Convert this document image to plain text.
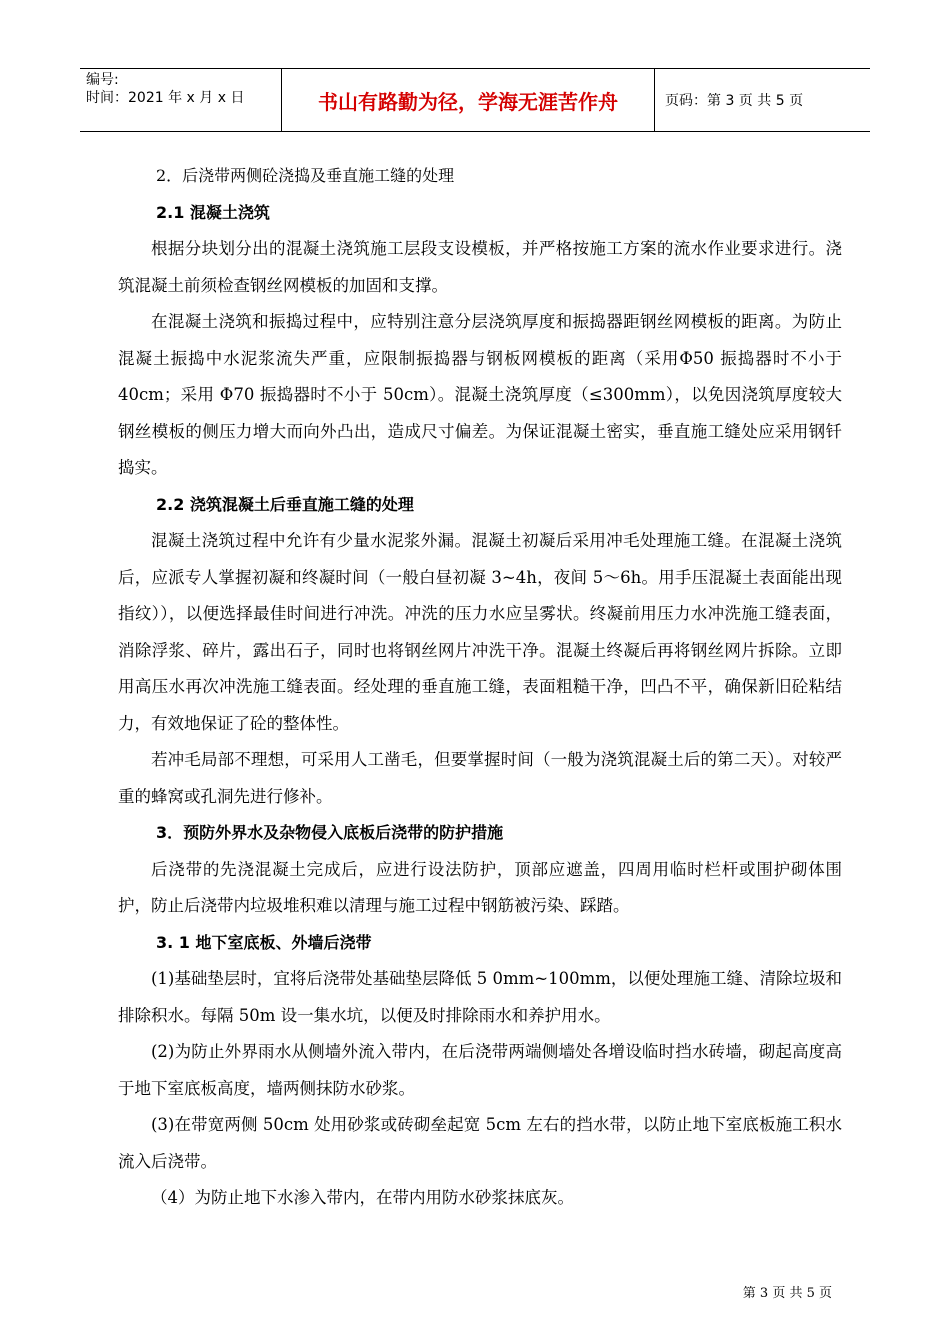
编号:
时间：2021 年 x 月 x 日	书山有路勤为径，学海无涯苦作舟	页码：第 3 页 共 5 页

2．后浇带两侧砼浇捣及垂直施工缝的处理

2.1 混凝土浇筑

根据分块划分出的混凝土浇筑施工层段支设模板，并严格按施工方案的流水作业要求进行。浇筑混凝土前须检查钢丝网模板的加固和支撑。

在混凝土浇筑和振捣过程中，应特别注意分层浇筑厚度和振捣器距钢丝网模板的距离。为防止混凝土振捣中水泥浆流失严重，应限制振捣器与钢板网模板的距离（采用Φ50 振捣器时不小于 40cm；采用 Φ70 振捣器时不小于 50cm）。混凝土浇筑厚度（≤300mm），以免因浇筑厚度较大钢丝模板的侧压力增大而向外凸出，造成尺寸偏差。为保证混凝土密实，垂直施工缝处应采用钢钎捣实。

2.2 浇筑混凝土后垂直施工缝的处理

混凝土浇筑过程中允许有少量水泥浆外漏。混凝土初凝后采用冲毛处理施工缝。在混凝土浇筑后，应派专人掌握初凝和终凝时间（一般白昼初凝 3~4h，夜间 5～6h。用手压混凝土表面能出现指纹）），以便选择最佳时间进行冲洗。冲洗的压力水应呈雾状。终凝前用压力水冲洗施工缝表面，消除浮浆、碎片，露出石子，同时也将钢丝网片冲洗干净。混凝土终凝后再将钢丝网片拆除。立即用高压水再次冲洗施工缝表面。经处理的垂直施工缝，表面粗糙干净，凹凸不平，确保新旧砼粘结力，有效地保证了砼的整体性。

若冲毛局部不理想，可采用人工凿毛，但要掌握时间（一般为浇筑混凝土后的第二天）。对较严重的蜂窝或孔洞先进行修补。

3．预防外界水及杂物侵入底板后浇带的防护措施

后浇带的先浇混凝土完成后，应进行设法防护，顶部应遮盖，四周用临时栏杆或围护砌体围护，防止后浇带内垃圾堆积难以清理与施工过程中钢筋被污染、踩踏。

3. 1 地下室底板、外墙后浇带

(1)基础垫层时，宜将后浇带处基础垫层降低 5 0mm~100mm，以便处理施工缝、清除垃圾和排除积水。每隔 50m 设一集水坑，以便及时排除雨水和养护用水。

(2)为防止外界雨水从侧墙外流入带内，在后浇带两端侧墙处各增设临时挡水砖墙，砌起高度高于地下室底板高度，墙两侧抹防水砂浆。

(3)在带宽两侧 50cm 处用砂浆或砖砌垒起宽 5cm 左右的挡水带，以防止地下室底板施工积水流入后浇带。

（4）为防止地下水渗入带内，在带内用防水砂浆抹底灰。

第 3 页 共 5 页
